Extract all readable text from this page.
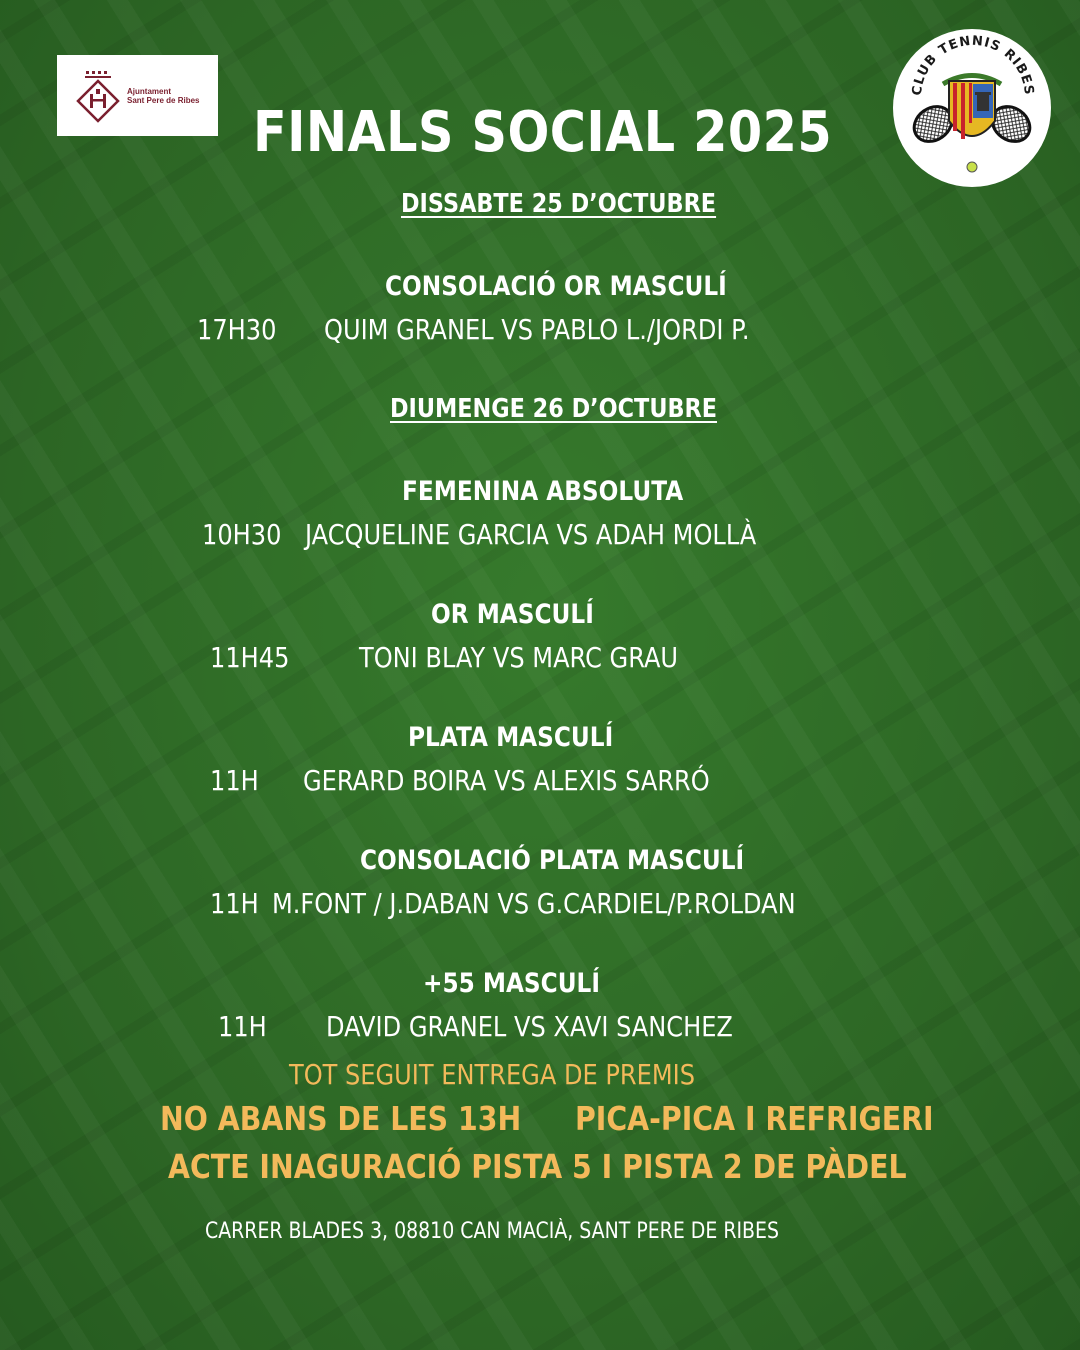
Ajuntament
Sant Pere de Ribes
CLUB TENNIS RIBES
FINALS SOCIAL 2025
DISSABTE 25 D’OCTUBRE
CONSOLACIÓ OR MASCULÍ
17H30 QUIM GRANEL VS PABLO L./JORDI P.
DIUMENGE 26 D’OCTUBRE
FEMENINA ABSOLUTA
10H30 JACQUELINE GARCIA VS ADAH MOLLÀ
OR MASCULÍ
11H45 TONI BLAY VS MARC GRAU
PLATA MASCULÍ
11H GERARD BOIRA VS ALEXIS SARRÓ
CONSOLACIÓ PLATA MASCULÍ
11H M.FONT / J.DABAN VS G.CARDIEL/P.ROLDAN
+55 MASCULÍ
11H DAVID GRANEL VS XAVI SANCHEZ
TOT SEGUIT ENTREGA DE PREMIS
NO ABANS DE LES 13H PICA-PICA I REFRIGERI
ACTE INAGURACIÓ PISTA 5 I PISTA 2 DE PÀDEL
CARRER BLADES 3, 08810 CAN MACIÀ, SANT PERE DE RIBES
